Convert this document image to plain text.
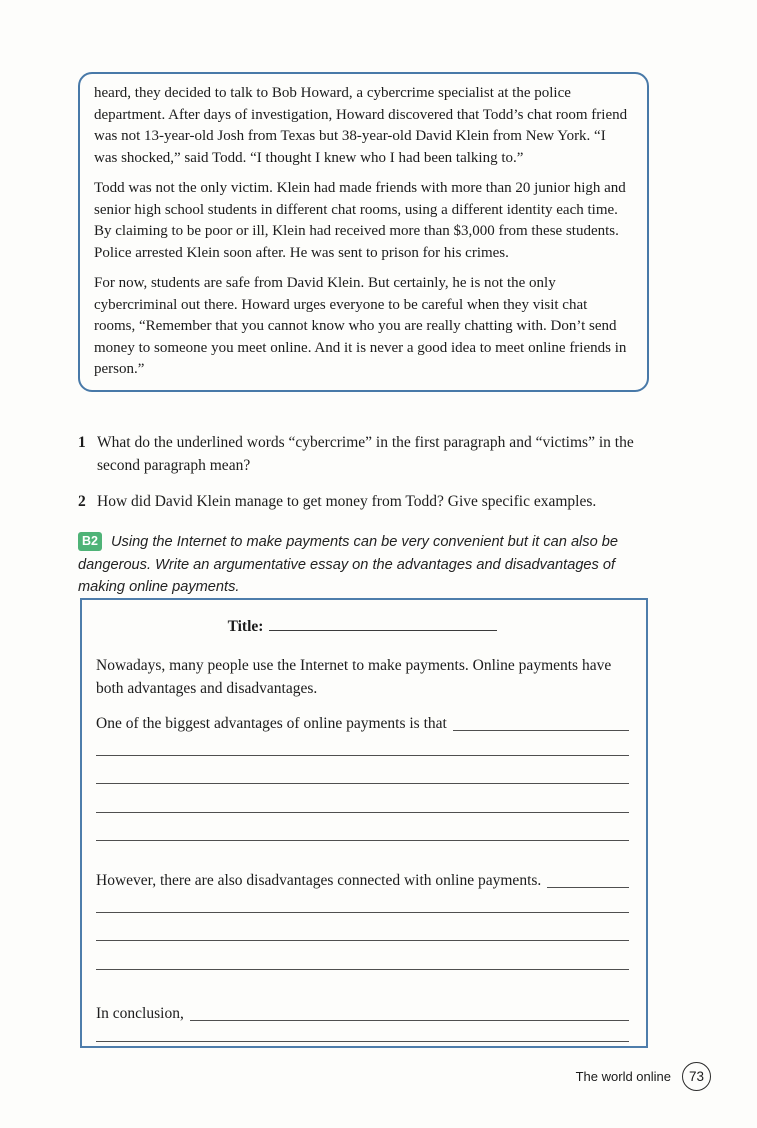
heard, they decided to talk to Bob Howard, a cybercrime specialist at the police department. After days of investigation, Howard discovered that Todd’s chat room friend was not 13-year-old Josh from Texas but 38-year-old David Klein from New York. “I was shocked,” said Todd. “I thought I knew who I had been talking to.”

Todd was not the only victim. Klein had made friends with more than 20 junior high and senior high school students in different chat rooms, using a different identity each time. By claiming to be poor or ill, Klein had received more than $3,000 from these students. Police arrested Klein soon after. He was sent to prison for his crimes.

For now, students are safe from David Klein. But certainly, he is not the only cybercriminal out there. Howard urges everyone to be careful when they visit chat rooms, “Remember that you cannot know who you are really chatting with. Don’t send money to someone you meet online. And it is never a good idea to meet online friends in person.”

1 What do the underlined words “cybercrime” in the first paragraph and “victims” in the second paragraph mean?
2 How did David Klein manage to get money from Todd? Give specific examples.
B2 Using the Internet to make payments can be very convenient but it can also be dangerous. Write an argumentative essay on the advantages and disadvantages of making online payments.
Title:

Nowadays, many people use the Internet to make payments. Online payments have both advantages and disadvantages.

One of the biggest advantages of online payments is that
However, there are also disadvantages connected with online payments.
In conclusion,
The world online	73
